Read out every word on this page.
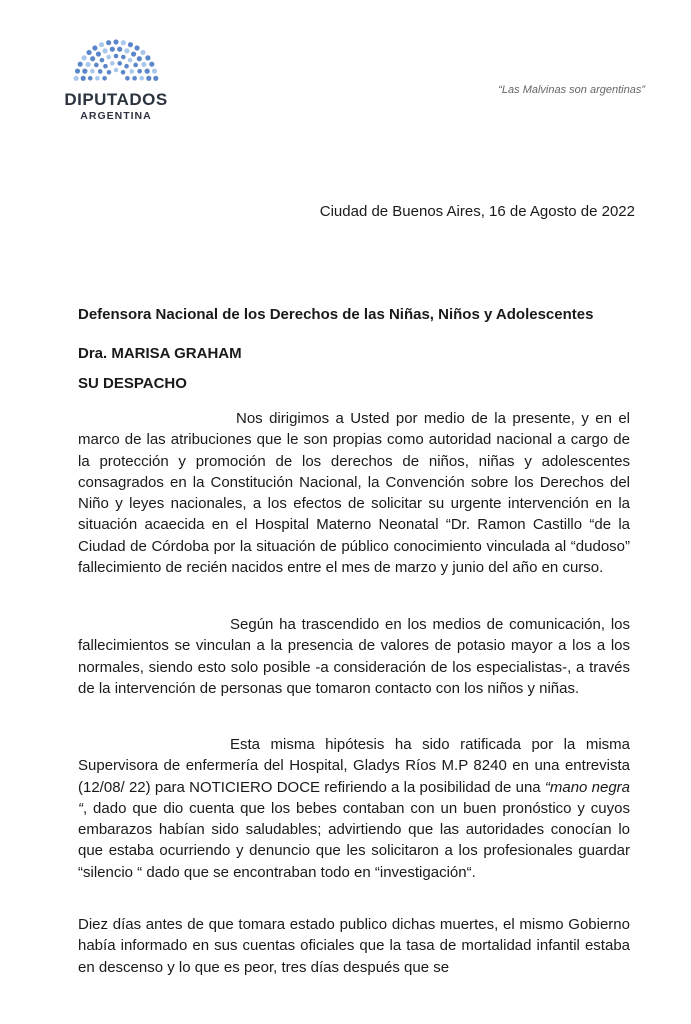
DIPUTADOS
ARGENTINA
“Las Malvinas son argentinas”
Ciudad de Buenos Aires, 16 de Agosto de 2022
Defensora Nacional de los Derechos de las Niñas, Niños y Adolescentes
Dra. MARISA GRAHAM
SU DESPACHO

Nos dirigimos a Usted por medio de la presente, y en el marco de las atribuciones que le son propias como autoridad nacional a cargo de la protección y promoción de los derechos de niños, niñas y adolescentes consagrados en la Constitución Nacional, la Convención sobre los Derechos del Niño y leyes nacionales, a los efectos de solicitar su urgente intervención en la situación acaecida en el Hospital Materno Neonatal “Dr. Ramon Castillo “de la Ciudad de Córdoba por la situación de público conocimiento vinculada al “dudoso” fallecimiento de recién nacidos entre el mes de marzo y junio del año en curso.

Según ha trascendido en los medios de comunicación, los fallecimientos se vinculan a la presencia de valores de potasio mayor a los a los normales, siendo esto solo posible -a consideración de los especialistas-, a través de la intervención de personas que tomaron contacto con los niños y niñas.

Esta misma hipótesis ha sido ratificada por la misma Supervisora de enfermería del Hospital, Gladys Ríos M.P 8240 en una entrevista (12/08/ 22) para NOTICIERO DOCE refiriendo a la posibilidad de una “mano negra “, dado que dio cuenta que los bebes contaban con un buen pronóstico y cuyos embarazos habían sido saludables; advirtiendo que las autoridades conocían lo que estaba ocurriendo y denuncio que les solicitaron a los profesionales guardar “silencio “ dado que se encontraban todo en “investigación“.

Diez días antes de que tomara estado publico dichas muertes, el mismo Gobierno había informado en sus cuentas oficiales que la tasa de mortalidad infantil estaba en descenso y lo que es peor, tres días después que se
